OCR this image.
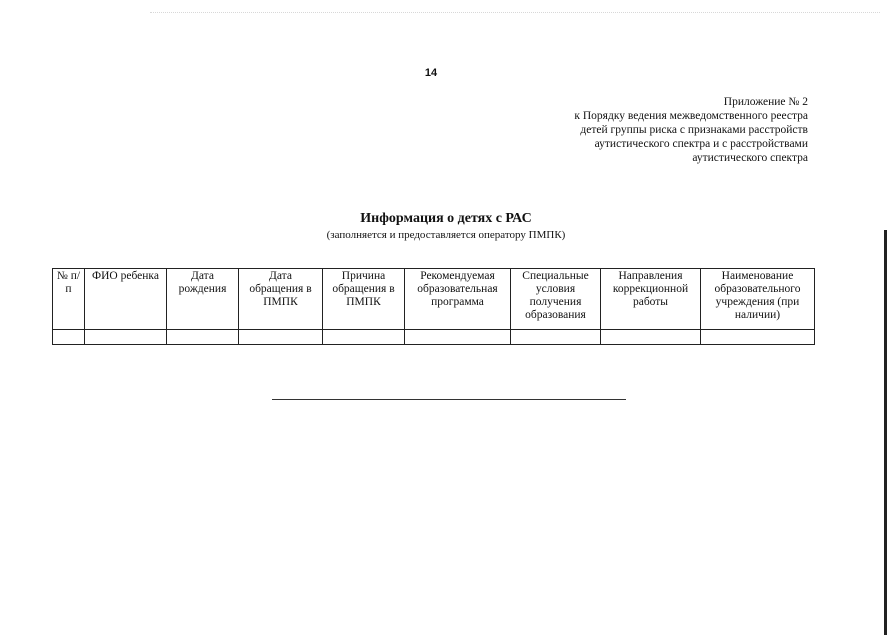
14
Приложение № 2
к Порядку ведения межведомственного реестра
детей группы риска с признаками расстройств
аутистического спектра и с расстройствами
аутистического спектра
Информация о детях с РАС
(заполняется и предоставляется оператору ПМПК)
№ п/п	ФИО ребенка	Дата рождения	Дата обращения в ПМПК	Причина обращения в ПМПК	Рекомендуемая образовательная программа	Специальные условия получения образования	Направления коррекционной работы	Наименование образовательного учреждения (при наличии)
